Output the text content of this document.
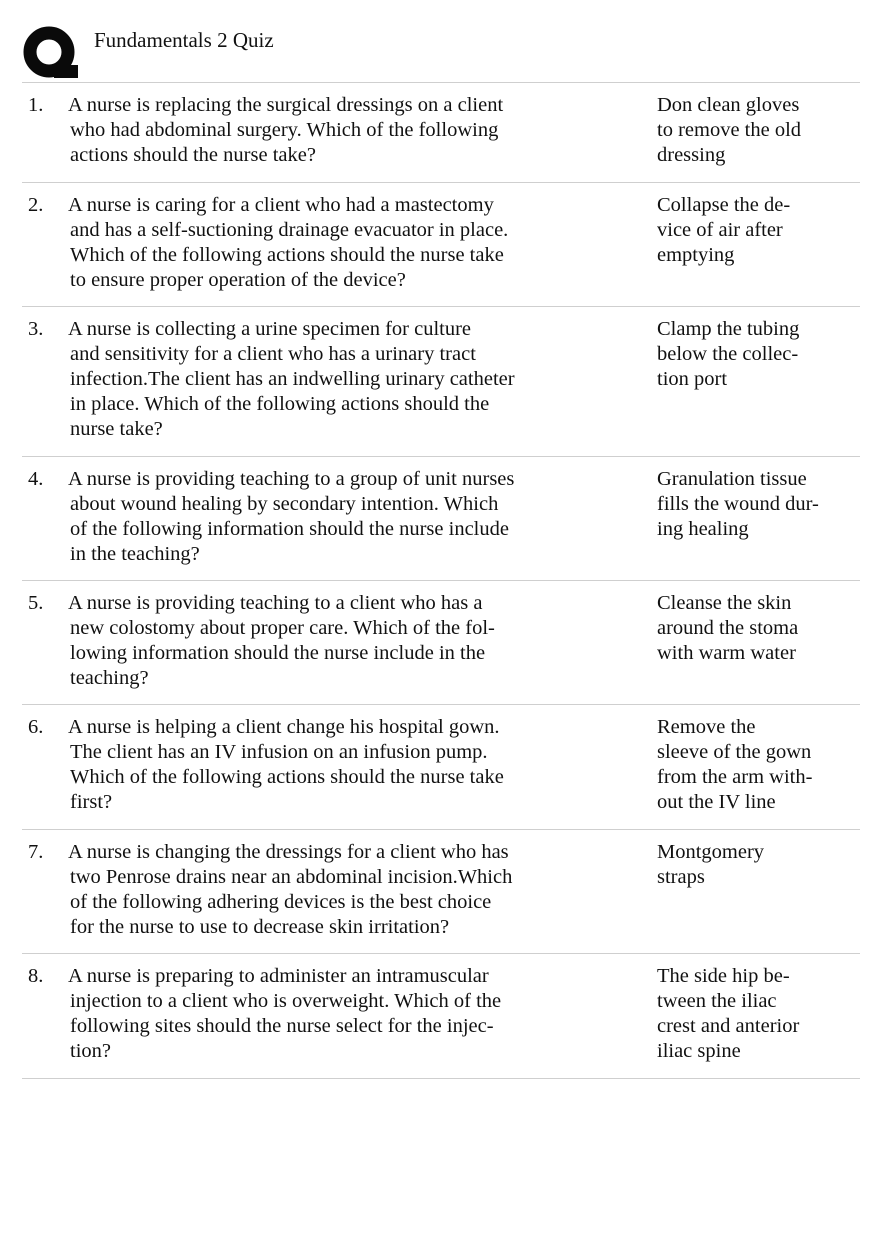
Fundamentals 2 Quiz
1. A nurse is replacing the surgical dressings on a client
who had abdominal surgery. Which of the following
actions should the nurse take?
Don clean gloves
to remove the old
dressing
2. A nurse is caring for a client who had a mastectomy
and has a self-suctioning drainage evacuator in place.
Which of the following actions should the nurse take
to ensure proper operation of the device?
Collapse the de-
vice of air after
emptying
3. A nurse is collecting a urine specimen for culture
and sensitivity for a client who has a urinary tract
infection.The client has an indwelling urinary catheter
in place. Which of the following actions should the
nurse take?
Clamp the tubing
below the collec-
tion port
4. A nurse is providing teaching to a group of unit nurses
about wound healing by secondary intention. Which
of the following information should the nurse include
in the teaching?
Granulation tissue
fills the wound dur-
ing healing
5. A nurse is providing teaching to a client who has a
new colostomy about proper care. Which of the fol-
lowing information should the nurse include in the
teaching?
Cleanse the skin
around the stoma
with warm water
6. A nurse is helping a client change his hospital gown.
The client has an IV infusion on an infusion pump.
Which of the following actions should the nurse take
first?
Remove the
sleeve of the gown
from the arm with-
out the IV line
7. A nurse is changing the dressings for a client who has
two Penrose drains near an abdominal incision.Which
of the following adhering devices is the best choice
for the nurse to use to decrease skin irritation?
Montgomery
straps
8. A nurse is preparing to administer an intramuscular
injection to a client who is overweight. Which of the
following sites should the nurse select for the injec-
tion?
The side hip be-
tween the iliac
crest and anterior
iliac spine
